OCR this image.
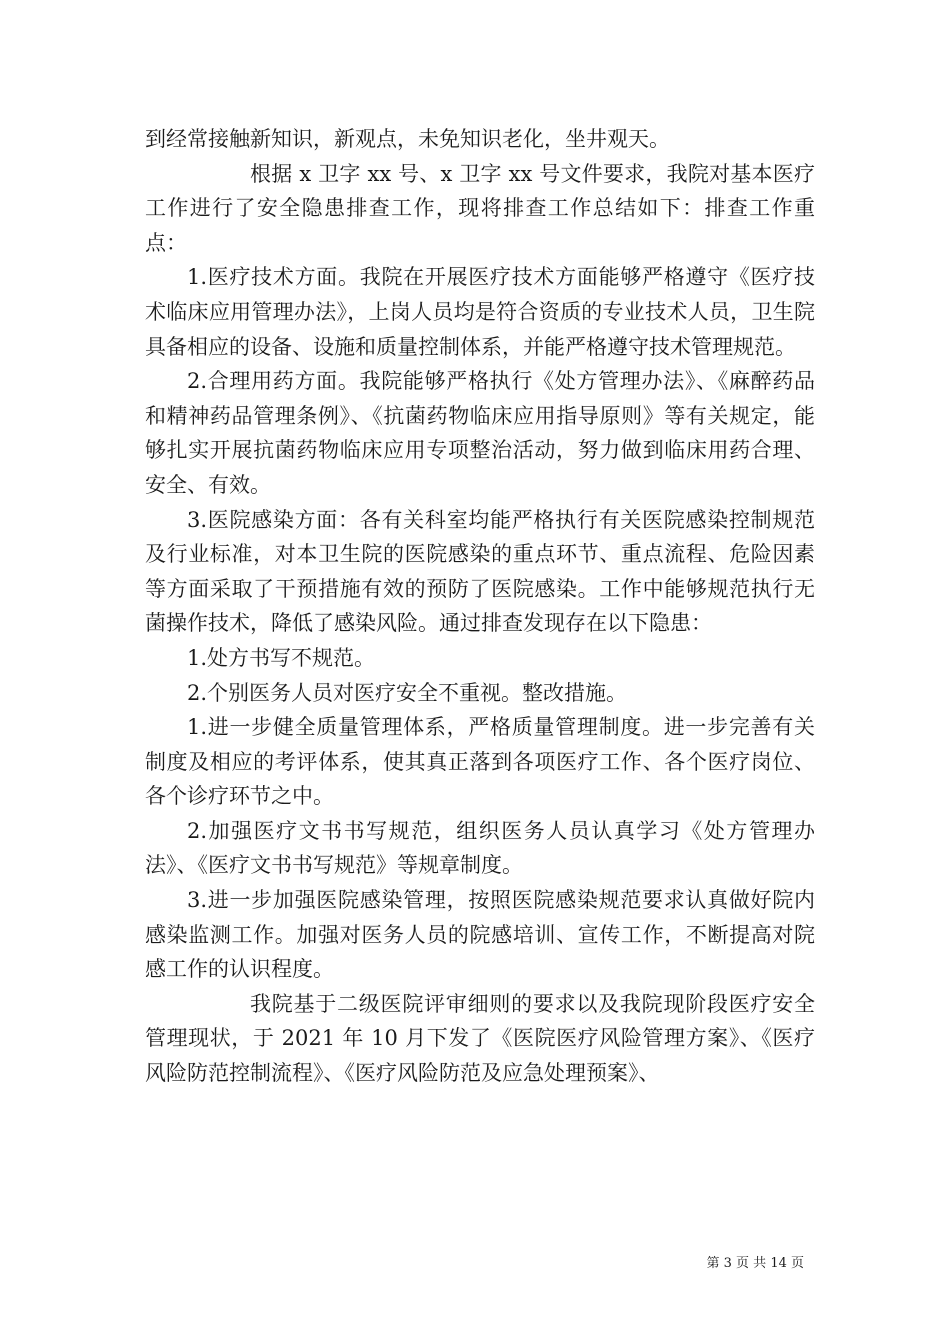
到经常接触新知识，新观点，未免知识老化，坐井观天。

根据 x 卫字 xx 号、x 卫字 xx 号文件要求，我院对基本医疗工作进行了安全隐患排查工作，现将排查工作总结如下：排查工作重点：

1.医疗技术方面。我院在开展医疗技术方面能够严格遵守《医疗技术临床应用管理办法》，上岗人员均是符合资质的专业技术人员，卫生院具备相应的设备、设施和质量控制体系，并能严格遵守技术管理规范。

2.合理用药方面。我院能够严格执行《处方管理办法》、《麻醉药品和精神药品管理条例》、《抗菌药物临床应用指导原则》等有关规定，能够扎实开展抗菌药物临床应用专项整治活动，努力做到临床用药合理、安全、有效。

3.医院感染方面：各有关科室均能严格执行有关医院感染控制规范及行业标准，对本卫生院的医院感染的重点环节、重点流程、危险因素等方面采取了干预措施有效的预防了医院感染。工作中能够规范执行无菌操作技术，降低了感染风险。通过排查发现存在以下隐患：

1.处方书写不规范。

2.个别医务人员对医疗安全不重视。整改措施。

1.进一步健全质量管理体系，严格质量管理制度。进一步完善有关制度及相应的考评体系，使其真正落到各项医疗工作、各个医疗岗位、各个诊疗环节之中。

2.加强医疗文书书写规范，组织医务人员认真学习《处方管理办法》、《医疗文书书写规范》等规章制度。

3.进一步加强医院感染管理，按照医院感染规范要求认真做好院内感染监测工作。加强对医务人员的院感培训、宣传工作，不断提高对院感工作的认识程度。

我院基于二级医院评审细则的要求以及我院现阶段医疗安全管理现状，于 2021 年 10 月下发了《医院医疗风险管理方案》、《医疗风险防范控制流程》、《医疗风险防范及应急处理预案》、

第 3 页 共 14 页
